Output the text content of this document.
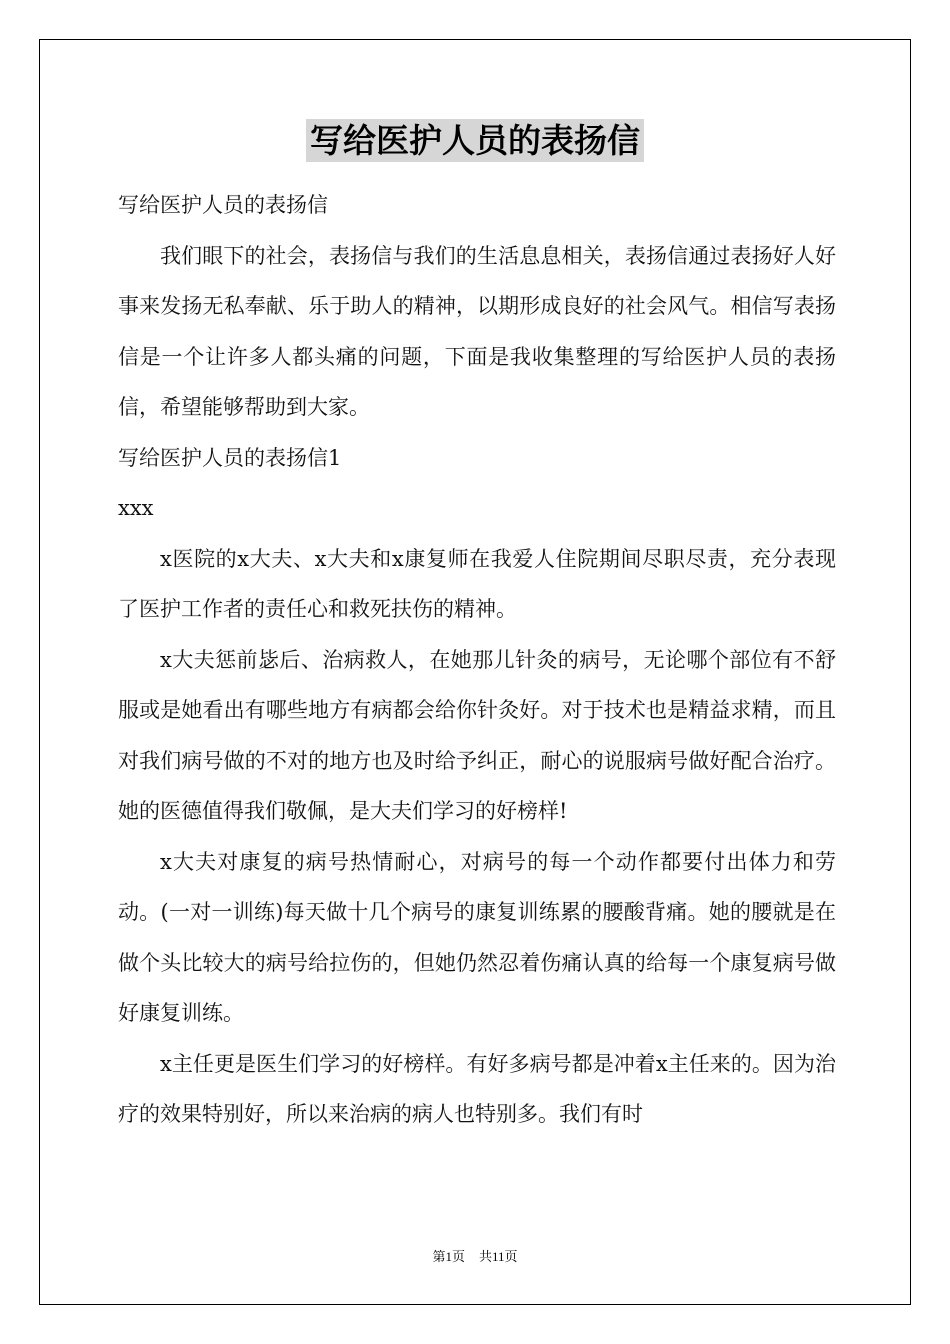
写给医护人员的表扬信

写给医护人员的表扬信

我们眼下的社会，表扬信与我们的生活息息相关，表扬信通过表扬好人好事来发扬无私奉献、乐于助人的精神，以期形成良好的社会风气。相信写表扬信是一个让许多人都头痛的问题，下面是我收集整理的写给医护人员的表扬信，希望能够帮助到大家。

写给医护人员的表扬信1

xxx

x医院的x大夫、x大夫和x康复师在我爱人住院期间尽职尽责，充分表现了医护工作者的责任心和救死扶伤的精神。

x大夫惩前毖后、治病救人，在她那儿针灸的病号，无论哪个部位有不舒服或是她看出有哪些地方有病都会给你针灸好。对于技术也是精益求精，而且对我们病号做的不对的地方也及时给予纠正，耐心的说服病号做好配合治疗。她的医德值得我们敬佩，是大夫们学习的好榜样!

x大夫对康复的病号热情耐心，对病号的每一个动作都要付出体力和劳动。(一对一训练)每天做十几个病号的康复训练累的腰酸背痛。她的腰就是在做个头比较大的病号给拉伤的，但她仍然忍着伤痛认真的给每一个康复病号做好康复训练。

x主任更是医生们学习的好榜样。有好多病号都是冲着x主任来的。因为治疗的效果特别好，所以来治病的病人也特别多。我们有时

第1页 共11页
